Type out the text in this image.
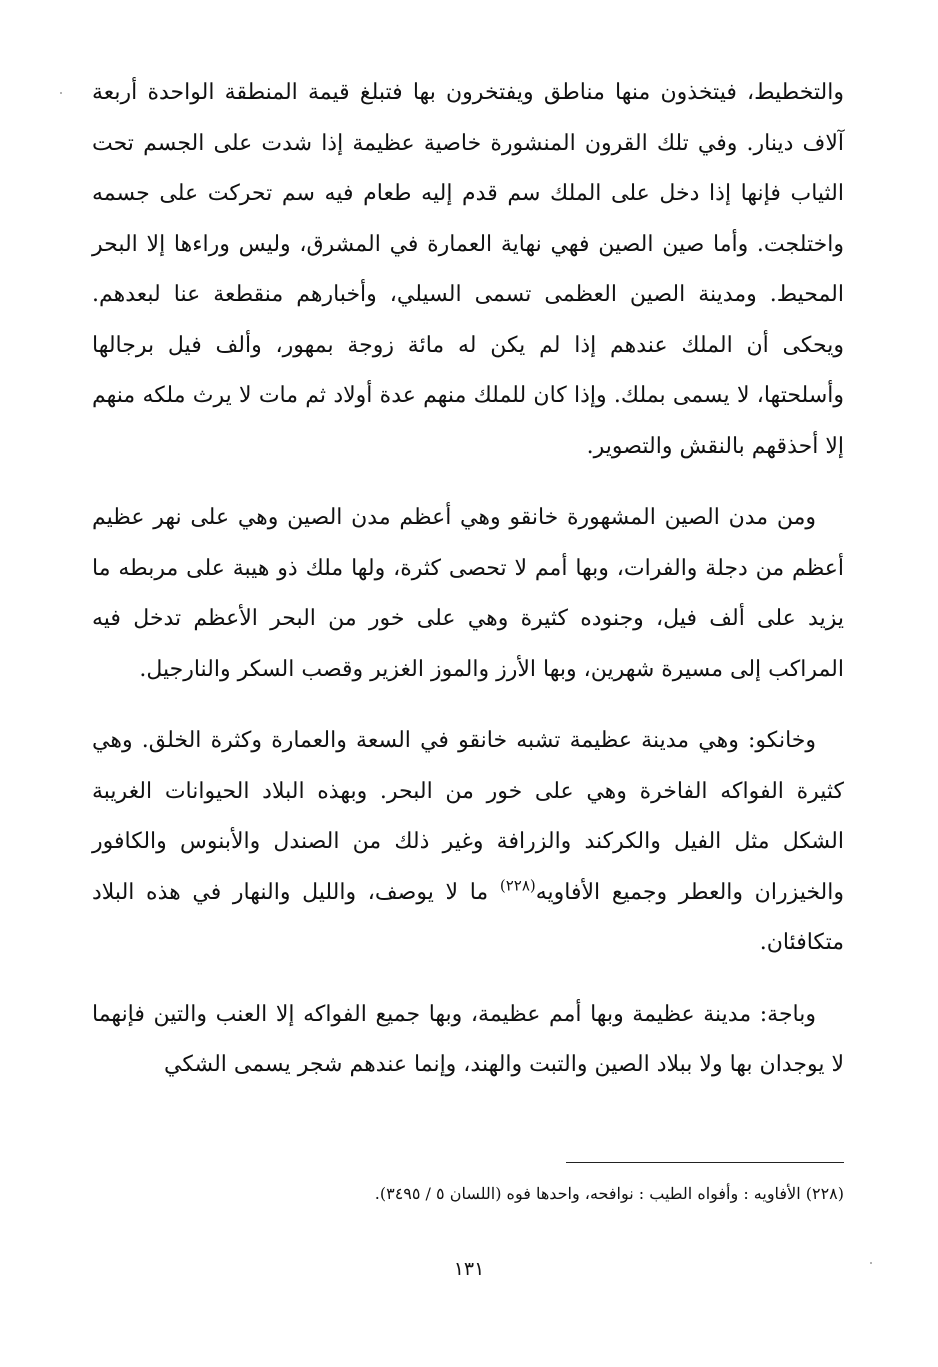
والتخطيط، فيتخذون منها مناطق ويفتخرون بها فتبلغ قيمة المنطقة الواحدة أربعة آلاف دينار. وفي تلك القرون المنشورة خاصية عظيمة إذا شدت على الجسم تحت الثياب فإنها إذا دخل على الملك سم قدم إليه طعام فيه سم تحركت على جسمه واختلجت. وأما صين الصين فهي نهاية العمارة في المشرق، وليس وراءها إلا البحر المحيط. ومدينة الصين العظمى تسمى السيلي، وأخبارهم منقطعة عنا لبعدهم. ويحكى أن الملك عندهم إذا لم يكن له مائة زوجة بمهور، وألف فيل برجالها وأسلحتها، لا يسمى بملك. وإذا كان للملك منهم عدة أولاد ثم مات لا يرث ملكه منهم إلا أحذقهم بالنقش والتصوير.

ومن مدن الصين المشهورة خانقو وهي أعظم مدن الصين وهي على نهر عظيم أعظم من دجلة والفرات، وبها أمم لا تحصى كثرة، ولها ملك ذو هيبة على مربطه ما يزيد على ألف فيل، وجنوده كثيرة وهي على خور من البحر الأعظم تدخل فيه المراكب إلى مسيرة شهرين، وبها الأرز والموز الغزير وقصب السكر والنارجيل.

وخانكو: وهي مدينة عظيمة تشبه خانقو في السعة والعمارة وكثرة الخلق. وهي كثيرة الفواكه الفاخرة وهي على خور من البحر. وبهذه البلاد الحيوانات الغريبة الشكل مثل الفيل والكركند والزرافة وغير ذلك من الصندل والأبنوس والكافور والخيزران والعطر وجميع الأفاويه$^{(٢٢٨)}$ ما لا يوصف، والليل والنهار في هذه البلاد متكافئان.

وباجة: مدينة عظيمة وبها أمم عظيمة، وبها جميع الفواكه إلا العنب والتين فإنهما لا يوجدان بها ولا ببلاد الصين والتبت والهند، وإنما عندهم شجر يسمى الشكي

(٢٢٨) الأفاويه : وأفواه الطيب : نوافحه، واحدها فوه (اللسان ٥ / ٣٤٩٥).
١٣١
